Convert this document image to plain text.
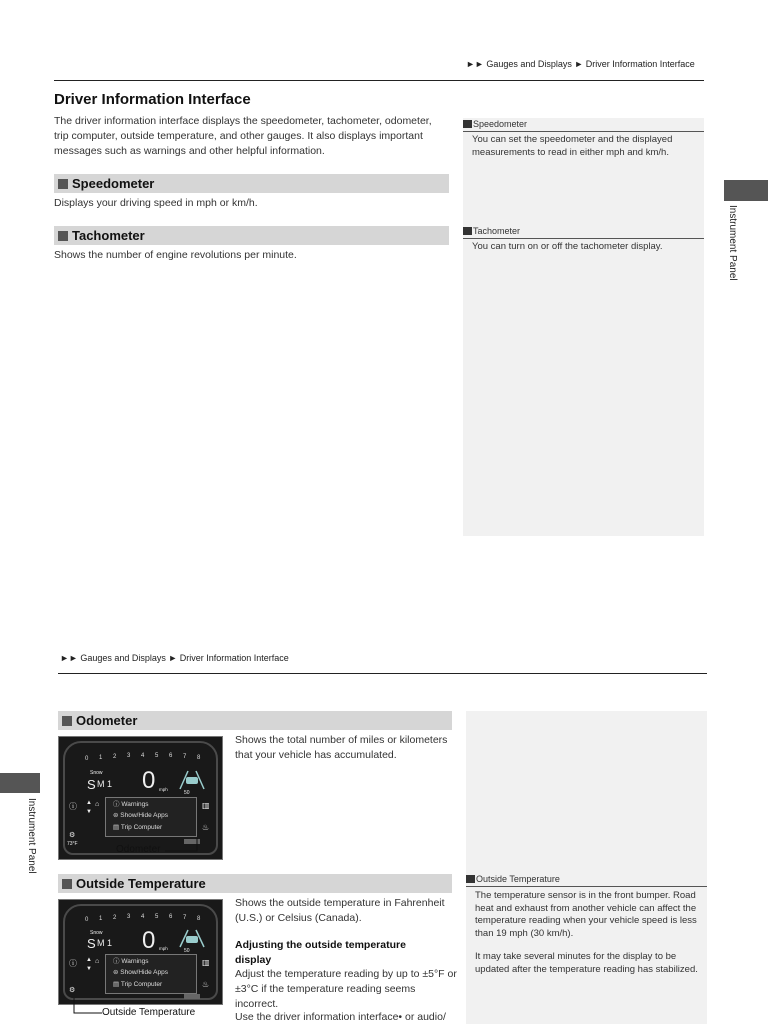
►► Gauges and Displays ► Driver Information Interface
Driver Information Interface
The driver information interface displays the speedometer, tachometer, odometer, trip computer, outside temperature, and other gauges. It also displays important messages such as warnings and other helpful information.
Speedometer
Displays your driving speed in mph or km/h.
Tachometer
Shows the number of engine revolutions per minute.
Speedometer
You can set the speedometer and the displayed measurements to read in either mph and km/h.
Tachometer
You can turn on or off the tachometer display.	Instrument Panel
►► Gauges and Displays ► Driver Information Interface
Instrument Panel
Odometer
Shows the total number of miles or kilometers that your vehicle has accumulated.
0 1 2 3 4 5 6 7 8
Snow
S M 1 0 mph
50
ⓘ ▲
▼
⌂ ⓘ Warnings
⊜ Show/Hide Apps
▤ Trip Computer
▥
♨
⚙
73°F	Odometer
Outside Temperature
Shows the outside temperature in Fahrenheit (U.S.) or Celsius (Canada).
Adjusting the outside temperature display
Adjust the temperature reading by up to ±5°F or ±3°C if the temperature reading seems incorrect.
Use the driver information interface• or audio/
0 1 2 3 4 5 6 7 8
Snow
S M 1 0 mph	50
ⓘ ▲
▼
⌂ ⓘ Warnings
⊜ Show/Hide Apps
▤ Trip Computer
▥
♨
⚙
Outside Temperature
Outside Temperature
The temperature sensor is in the front bumper. Road heat and exhaust from another vehicle can affect the temperature reading when your vehicle speed is less than 19 mph (30 km/h).
It may take several minutes for the display to be updated after the temperature reading has stabilized.
